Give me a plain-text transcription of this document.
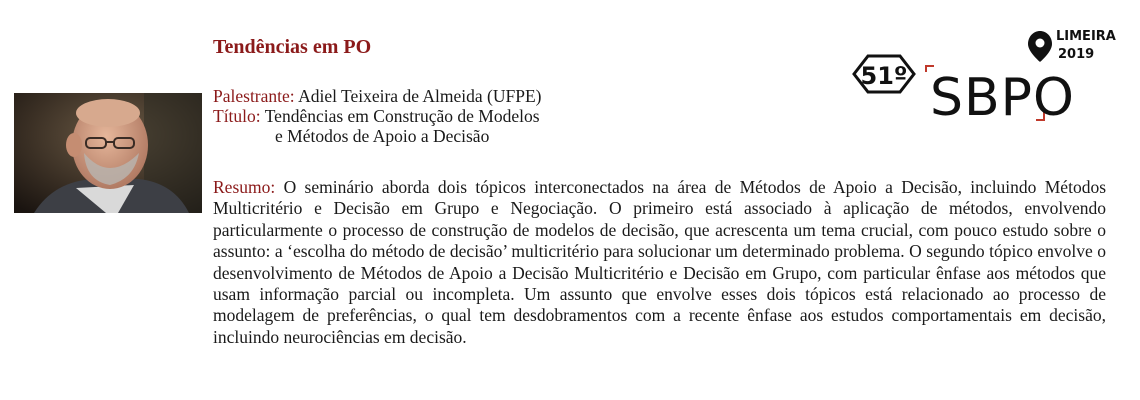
Tendências em PO
Palestrante: Adiel Teixeira de Almeida (UFPE)
Título: Tendências em Construção de Modelos
e Métodos de Apoio a Decisão

Resumo: O seminário aborda dois tópicos interconectados na área de Métodos de Apoio a Decisão, incluindo Métodos Multicritério e Decisão em Grupo e Negociação. O primeiro está associado à aplicação de métodos, envolvendo particularmente o processo de construção de modelos de decisão, que acrescenta um tema crucial, com pouco estudo sobre o assunto: a ‘escolha do método de decisão’ multicritério para solucionar um determinado problema. O segundo tópico envolve o desenvolvimento de Métodos de Apoio a Decisão Multicritério e Decisão em Grupo, com particular ênfase aos métodos que usam informação parcial ou incompleta. Um assunto que envolve esses dois tópicos está relacionado ao processo de modelagem de preferências, o qual tem desdobramentos com a recente ênfase aos estudos comportamentais em decisão, incluindo neurociências em decisão.

51º SBPO
LIMEIRA
2019
